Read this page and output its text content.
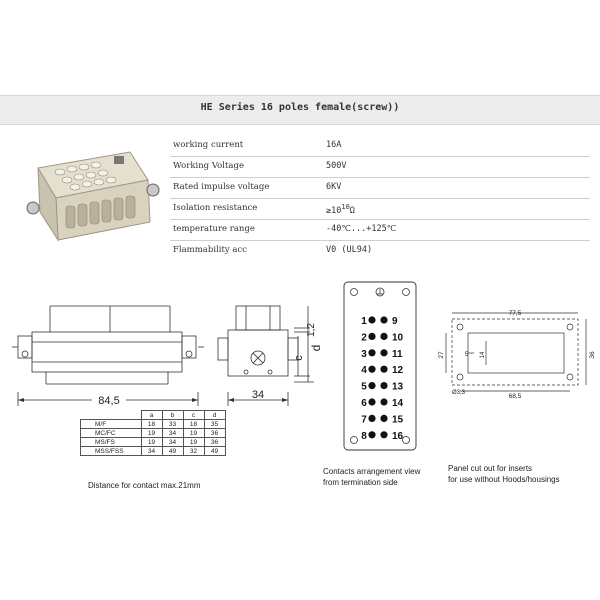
HE Series 16 poles female(screw))
working current	16A
Working Voltage	500V
Rated impulse voltage	6KV
Isolation resistance	$\ge 10^{10}\Omega$
temperature range	-40℃...+125℃
Flammability acc	V0 (UL94)
84,5	34
1,2
c
d
	a	b	c	d
M/F	18	33	18	35
MC/FC	19	34	19	36
MS/FS	19	34	19	36
MSS/FSS	34	49	32	49
Distance for contact max.21mm
1
2
3
4
5
6
7
8
9
10
11
12
13
14
15
16
Contacts arrangement view
from termination side
77,5
68,5
36
27	14
5
Ø3,3
Panel cut out for inserts
for use without Hoods/housings
